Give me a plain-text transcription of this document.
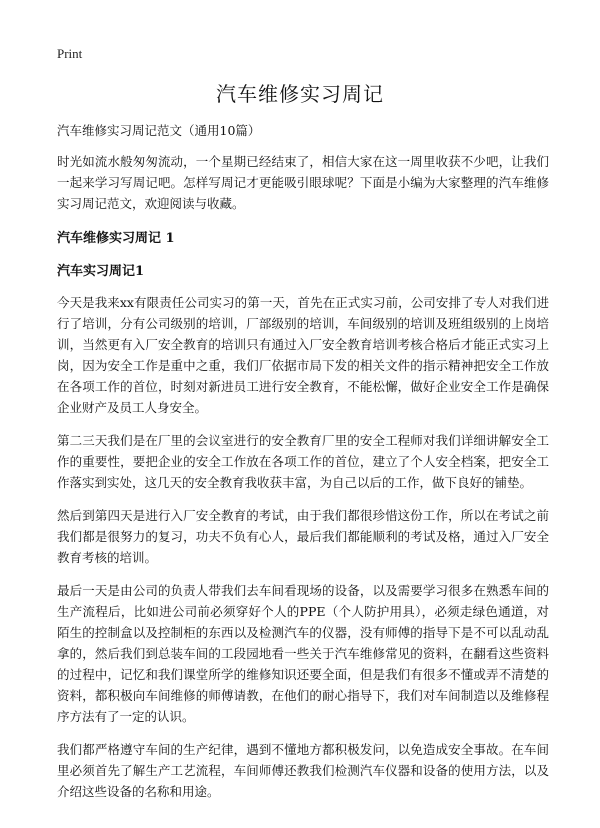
Print
汽车维修实习周记

汽车维修实习周记范文（通用10篇）

时光如流水般匆匆流动，一个星期已经结束了，相信大家在这一周里收获不少吧，让我们一起来学习写周记吧。怎样写周记才更能吸引眼球呢？下面是小编为大家整理的汽车维修实习周记范文，欢迎阅读与收藏。

汽车维修实习周记 1

汽车实习周记1

今天是我来xx有限责任公司实习的第一天，首先在正式实习前，公司安排了专人对我们进行了培训，分有公司级别的培训，厂部级别的培训，车间级别的培训及班组级别的上岗培训，当然更有入厂安全教育的培训只有通过入厂安全教育培训考核合格后才能正式实习上岗，因为安全工作是重中之重，我们厂依据市局下发的相关文件的指示精神把安全工作放在各项工作的首位，时刻对新进员工进行安全教育，不能松懈，做好企业安全工作是确保企业财产及员工人身安全。

第二三天我们是在厂里的会议室进行的安全教育厂里的安全工程师对我们详细讲解安全工作的重要性，要把企业的安全工作放在各项工作的首位，建立了个人安全档案，把安全工作落实到实处，这几天的安全教育我收获丰富，为自己以后的工作，做下良好的铺垫。

然后到第四天是进行入厂安全教育的考试，由于我们都很珍惜这份工作，所以在考试之前我们都是很努力的复习，功夫不负有心人，最后我们都能顺利的考试及格，通过入厂安全教育考核的培训。

最后一天是由公司的负责人带我们去车间看现场的设备，以及需要学习很多在熟悉车间的生产流程后，比如进公司前必须穿好个人的PPE（个人防护用具），必须走绿色通道，对陌生的控制盒以及控制柜的东西以及检测汽车的仪器，没有师傅的指导下是不可以乱动乱拿的，然后我们到总装车间的工段园地看一些关于汽车维修常见的资料，在翻看这些资料的过程中，记忆和我们课堂所学的维修知识还要全面，但是我们有很多不懂或弄不清楚的资料，都积极向车间维修的师傅请教，在他们的耐心指导下，我们对车间制造以及维修程序方法有了一定的认识。

我们都严格遵守车间的生产纪律，遇到不懂地方都积极发问，以免造成安全事故。在车间里必须首先了解生产工艺流程，车间师傅还教我们检测汽车仪器和设备的使用方法，以及介绍这些设备的名称和用途。
